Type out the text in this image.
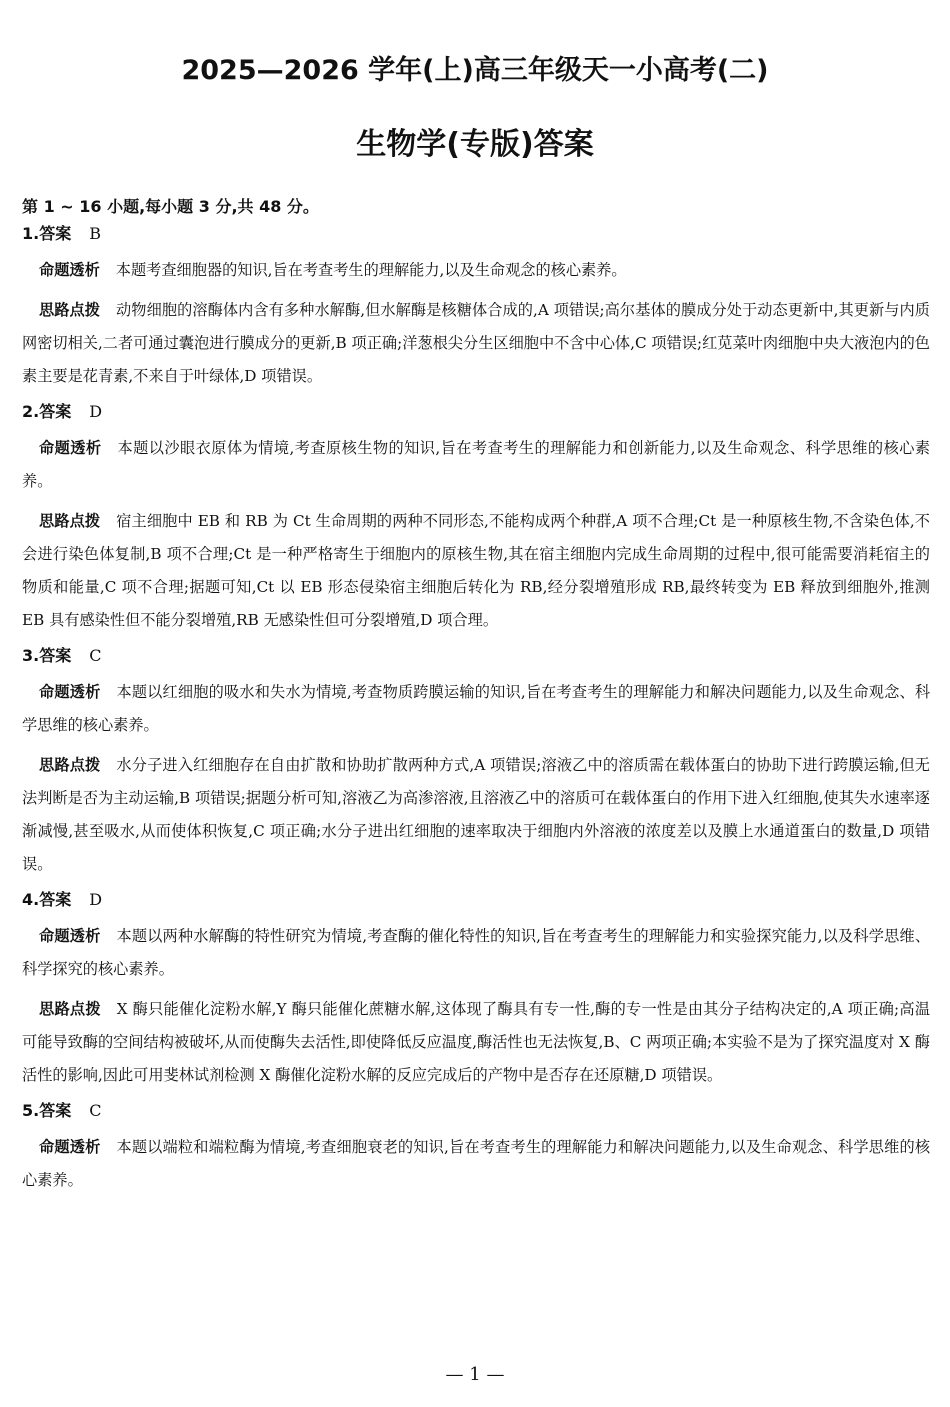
2025—2026 学年(上)高三年级天一小高考(二)
生物学(专版)答案
第 1 ~ 16 小题,每小题 3 分,共 48 分。
1.答案 B

命题透析 本题考查细胞器的知识,旨在考查考生的理解能力,以及生命观念的核心素养。

思路点拨 动物细胞的溶酶体内含有多种水解酶,但水解酶是核糖体合成的,A 项错误;高尔基体的膜成分处于动态更新中,其更新与内质网密切相关,二者可通过囊泡进行膜成分的更新,B 项正确;洋葱根尖分生区细胞中不含中心体,C 项错误;红苋菜叶肉细胞中央大液泡内的色素主要是花青素,不来自于叶绿体,D 项错误。

2.答案 D

命题透析 本题以沙眼衣原体为情境,考查原核生物的知识,旨在考查考生的理解能力和创新能力,以及生命观念、科学思维的核心素养。

思路点拨 宿主细胞中 EB 和 RB 为 Ct 生命周期的两种不同形态,不能构成两个种群,A 项不合理;Ct 是一种原核生物,不含染色体,不会进行染色体复制,B 项不合理;Ct 是一种严格寄生于细胞内的原核生物,其在宿主细胞内完成生命周期的过程中,很可能需要消耗宿主的物质和能量,C 项不合理;据题可知,Ct 以 EB 形态侵染宿主细胞后转化为 RB,经分裂增殖形成 RB,最终转变为 EB 释放到细胞外,推测 EB 具有感染性但不能分裂增殖,RB 无感染性但可分裂增殖,D 项合理。

3.答案 C

命题透析 本题以红细胞的吸水和失水为情境,考查物质跨膜运输的知识,旨在考查考生的理解能力和解决问题能力,以及生命观念、科学思维的核心素养。

思路点拨 水分子进入红细胞存在自由扩散和协助扩散两种方式,A 项错误;溶液乙中的溶质需在载体蛋白的协助下进行跨膜运输,但无法判断是否为主动运输,B 项错误;据题分析可知,溶液乙为高渗溶液,且溶液乙中的溶质可在载体蛋白的作用下进入红细胞,使其失水速率逐渐减慢,甚至吸水,从而使体积恢复,C 项正确;水分子进出红细胞的速率取决于细胞内外溶液的浓度差以及膜上水通道蛋白的数量,D 项错误。

4.答案 D

命题透析 本题以两种水解酶的特性研究为情境,考查酶的催化特性的知识,旨在考查考生的理解能力和实验探究能力,以及科学思维、科学探究的核心素养。

思路点拨 X 酶只能催化淀粉水解,Y 酶只能催化蔗糖水解,这体现了酶具有专一性,酶的专一性是由其分子结构决定的,A 项正确;高温可能导致酶的空间结构被破坏,从而使酶失去活性,即使降低反应温度,酶活性也无法恢复,B、C 两项正确;本实验不是为了探究温度对 X 酶活性的影响,因此可用斐林试剂检测 X 酶催化淀粉水解的反应完成后的产物中是否存在还原糖,D 项错误。

5.答案 C

命题透析 本题以端粒和端粒酶为情境,考查细胞衰老的知识,旨在考查考生的理解能力和解决问题能力,以及生命观念、科学思维的核心素养。

— 1 —
